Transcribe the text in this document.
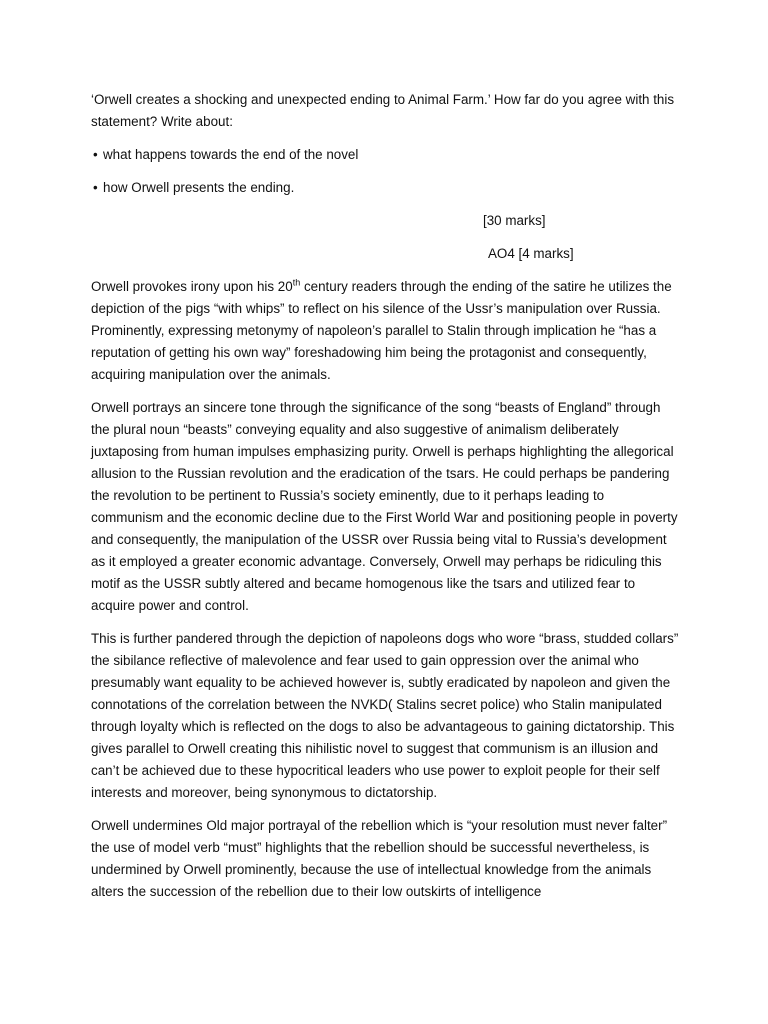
‘Orwell creates a shocking and unexpected ending to Animal Farm.’ How far do you agree with this
statement? Write about:

• what happens towards the end of the novel

• how Orwell presents the ending.

[30 marks]

AO4 [4 marks]

Orwell provokes irony upon his 20th century readers through the ending of the satire he utilizes the depiction of the pigs “with whips” to reflect on his silence of the Ussr’s manipulation over Russia. Prominently, expressing metonymy of napoleon’s parallel to Stalin through implication he “has a reputation of getting his own way” foreshadowing him being the protagonist and consequently, acquiring manipulation over the animals.

Orwell portrays an sincere tone through the significance of the song “beasts of England” through the plural noun “beasts” conveying equality and also suggestive of animalism deliberately juxtaposing from human impulses emphasizing purity. Orwell is perhaps highlighting the allegorical allusion to the Russian revolution and the eradication of the tsars. He could perhaps be pandering the revolution to be pertinent to Russia’s society eminently, due to it perhaps leading to communism and the economic decline due to the First World War and positioning people in poverty and consequently, the manipulation of the USSR over Russia being vital to Russia’s development as it employed a greater economic advantage. Conversely, Orwell may perhaps be ridiculing this motif as the USSR subtly altered and became homogenous like the tsars and utilized fear to acquire power and control.

This is further pandered through the depiction of napoleons dogs who wore “brass, studded collars” the sibilance reflective of malevolence and fear used to gain oppression over the animal who presumably want equality to be achieved however is, subtly eradicated by napoleon and given the connotations of the correlation between the NVKD( Stalins secret police) who Stalin manipulated through loyalty which is reflected on the dogs to also be advantageous to gaining dictatorship. This gives parallel to Orwell creating this nihilistic novel to suggest that communism is an illusion and can’t be achieved due to these hypocritical leaders who use power to exploit people for their self interests and moreover, being synonymous to dictatorship.

Orwell undermines Old major portrayal of the rebellion which is “your resolution must never falter” the use of model verb “must” highlights that the rebellion should be successful nevertheless, is undermined by Orwell prominently, because the use of intellectual knowledge from the animals alters the succession of the rebellion due to their low outskirts of intelligence
